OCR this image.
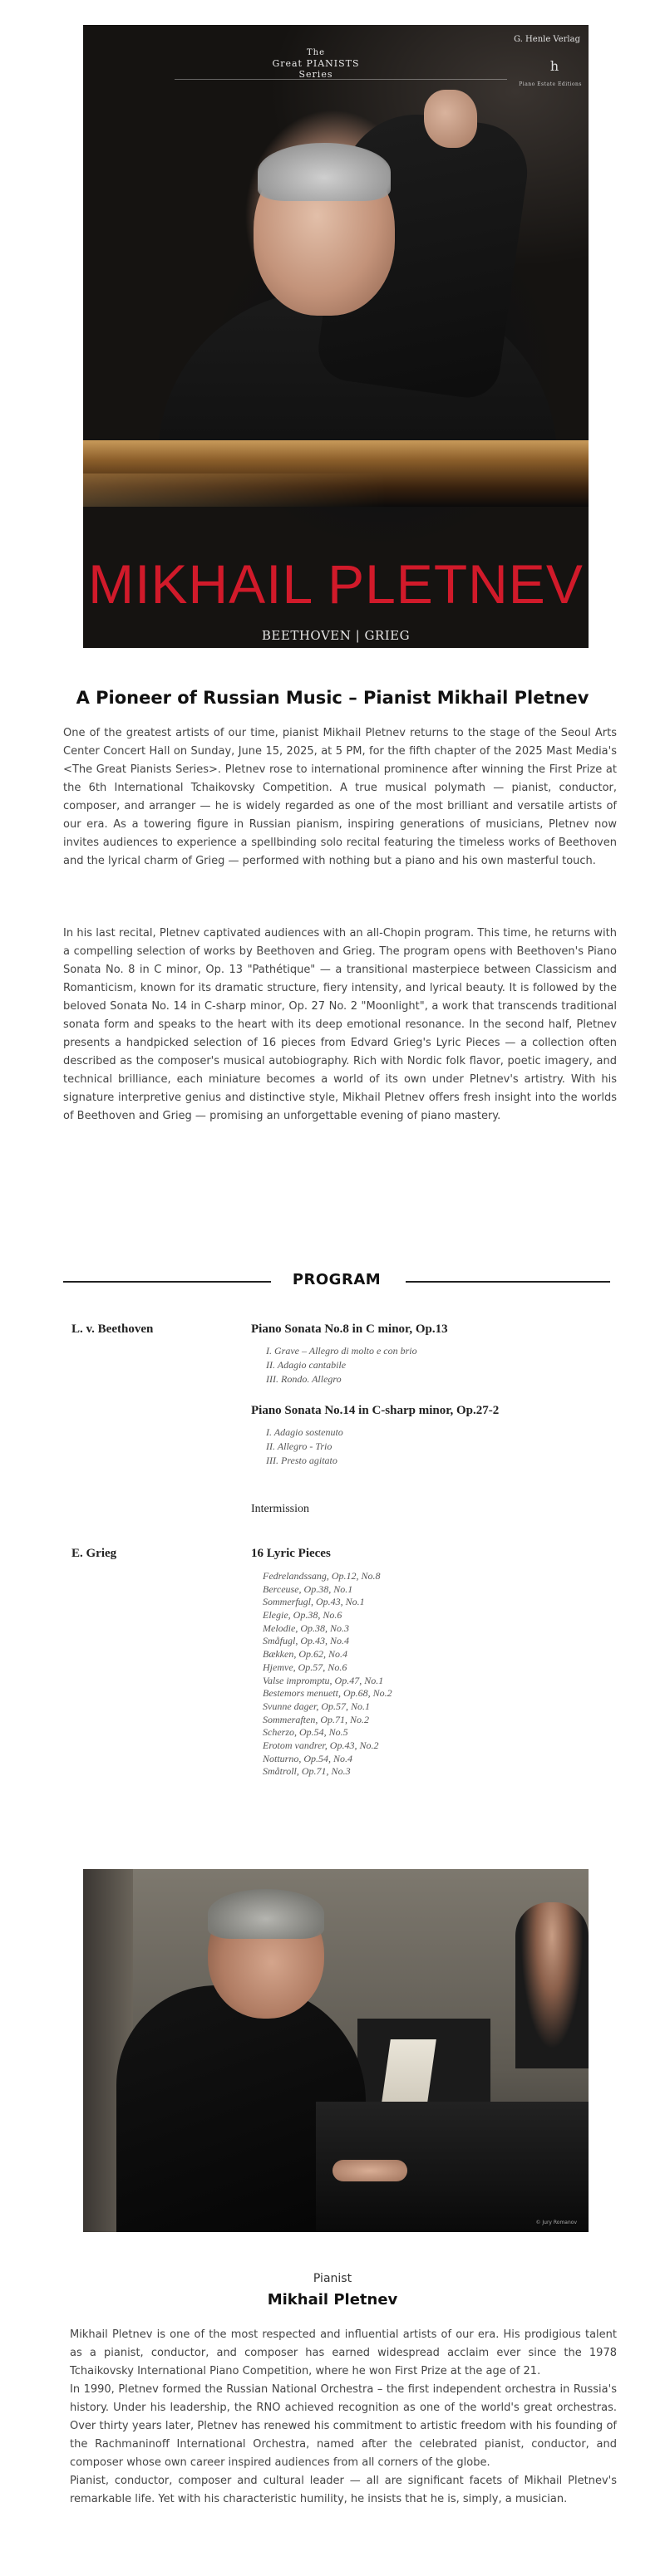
The
Great PIANISTS Series
G. Henle Verlag
h
Piano Estate Editions
MIKHAIL PLETNEV
BEETHOVEN | GRIEG
A Pioneer of Russian Music – Pianist Mikhail Pletnev

One of the greatest artists of our time, pianist Mikhail Pletnev returns to the stage of the Seoul Arts Center Concert Hall on Sunday, June 15, 2025, at 5 PM, for the fifth chapter of the 2025 Mast Media's <The Great Pianists Series>. Pletnev rose to international prominence after winning the First Prize at the 6th International Tchaikovsky Competition. A true musical polymath — pianist, conductor, composer, and arranger — he is widely regarded as one of the most brilliant and versatile artists of our era. As a towering figure in Russian pianism, inspiring generations of musicians, Pletnev now invites audiences to experience a spellbinding solo recital featuring the timeless works of Beethoven and the lyrical charm of Grieg — performed with nothing but a piano and his own masterful touch.

In his last recital, Pletnev captivated audiences with an all-Chopin program. This time, he returns with a compelling selection of works by Beethoven and Grieg. The program opens with Beethoven's Piano Sonata No. 8 in C minor, Op. 13 "Pathétique" — a transitional masterpiece between Classicism and Romanticism, known for its dramatic structure, fiery intensity, and lyrical beauty. It is followed by the beloved Sonata No. 14 in C-sharp minor, Op. 27 No. 2 "Moonlight", a work that transcends traditional sonata form and speaks to the heart with its deep emotional resonance. In the second half, Pletnev presents a handpicked selection of 16 pieces from Edvard Grieg's Lyric Pieces — a collection often described as the composer's musical autobiography. Rich with Nordic folk flavor, poetic imagery, and technical brilliance, each miniature becomes a world of its own under Pletnev's artistry. With his signature interpretive genius and distinctive style, Mikhail Pletnev offers fresh insight into the worlds of Beethoven and Grieg — promising an unforgettable evening of piano mastery.

PROGRAM
L. v. Beethoven	Piano Sonata No.8 in C minor, Op.13
I. Grave – Allegro di molto e con brio
II. Adagio cantabile
III. Rondo. Allegro
Piano Sonata No.14 in C-sharp minor, Op.27-2
I. Adagio sostenuto
II. Allegro - Trio
III. Presto agitato
Intermission
E. Grieg	16 Lyric Pieces
Fedrelandssang, Op.12, No.8
Berceuse, Op.38, No.1
Sommerfugl, Op.43, No.1
Elegie, Op.38, No.6
Melodie, Op.38, No.3
Småfugl, Op.43, No.4
Bækken, Op.62, No.4
Hjemve, Op.57, No.6
Valse impromptu, Op.47, No.1
Bestemors menuett, Op.68, No.2
Svunne dager, Op.57, No.1
Sommeraften, Op.71, No.2
Scherzo, Op.54, No.5
Erotom vandrer, Op.43, No.2
Notturno, Op.54, No.4
Småtroll, Op.71, No.3
© Jury Romanov
Pianist
Mikhail Pletnev

Mikhail Pletnev is one of the most respected and influential artists of our era. His prodigious talent as a pianist, conductor, and composer has earned widespread acclaim ever since the 1978 Tchaikovsky International Piano Competition, where he won First Prize at the age of 21.

In 1990, Pletnev formed the Russian National Orchestra – the first independent orchestra in Russia's history. Under his leadership, the RNO achieved recognition as one of the world's great orchestras. Over thirty years later, Pletnev has renewed his commitment to artistic freedom with his founding of the Rachmaninoff International Orchestra, named after the celebrated pianist, conductor, and composer whose own career inspired audiences from all corners of the globe.

Pianist, conductor, composer and cultural leader — all are significant facets of Mikhail Pletnev's remarkable life. Yet with his characteristic humility, he insists that he is, simply, a musician.
